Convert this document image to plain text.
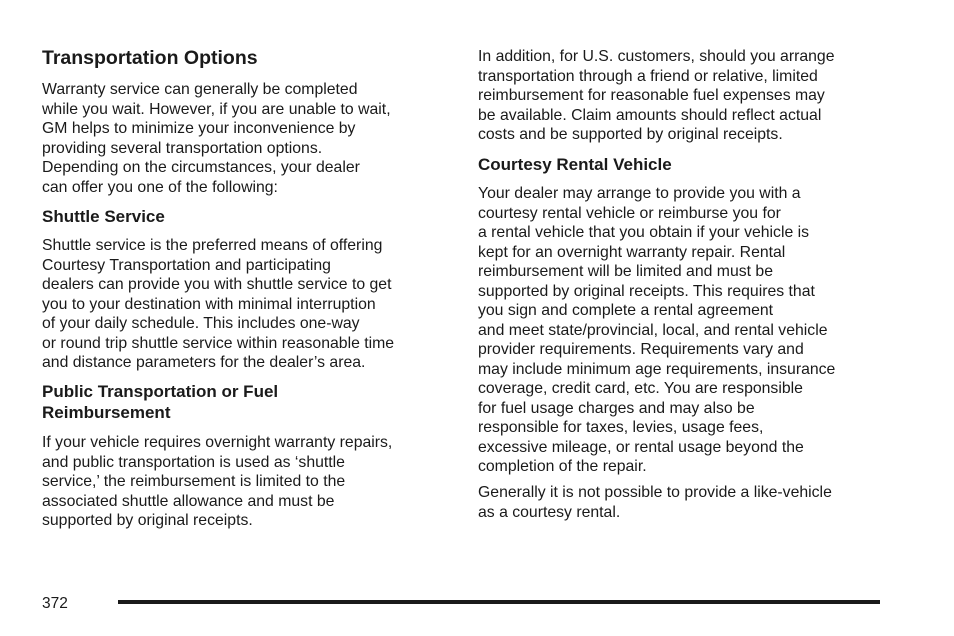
Transportation Options
Warranty service can generally be completed
while you wait. However, if you are unable to wait,
GM helps to minimize your inconvenience by
providing several transportation options.
Depending on the circumstances, your dealer
can offer you one of the following:
Shuttle Service
Shuttle service is the preferred means of offering
Courtesy Transportation and participating
dealers can provide you with shuttle service to get
you to your destination with minimal interruption
of your daily schedule. This includes one-way
or round trip shuttle service within reasonable time
and distance parameters for the dealer’s area.
Public Transportation or Fuel
Reimbursement
If your vehicle requires overnight warranty repairs,
and public transportation is used as ‘shuttle
service,’ the reimbursement is limited to the
associated shuttle allowance and must be
supported by original receipts.
In addition, for U.S. customers, should you arrange
transportation through a friend or relative, limited
reimbursement for reasonable fuel expenses may
be available. Claim amounts should reflect actual
costs and be supported by original receipts.
Courtesy Rental Vehicle
Your dealer may arrange to provide you with a
courtesy rental vehicle or reimburse you for
a rental vehicle that you obtain if your vehicle is
kept for an overnight warranty repair. Rental
reimbursement will be limited and must be
supported by original receipts. This requires that
you sign and complete a rental agreement
and meet state/provincial, local, and rental vehicle
provider requirements. Requirements vary and
may include minimum age requirements, insurance
coverage, credit card, etc. You are responsible
for fuel usage charges and may also be
responsible for taxes, levies, usage fees,
excessive mileage, or rental usage beyond the
completion of the repair.
Generally it is not possible to provide a like-vehicle
as a courtesy rental.
372
